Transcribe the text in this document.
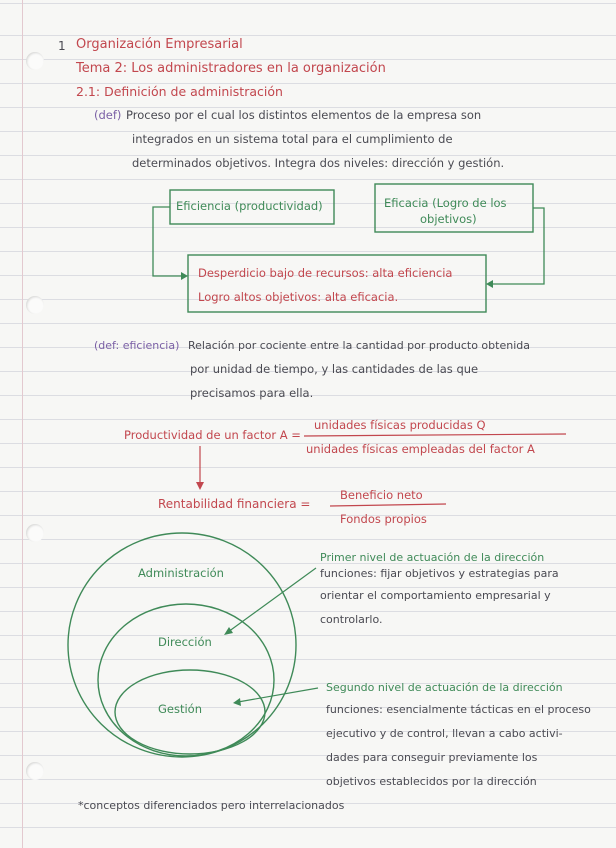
1 Organización Empresarial
Tema 2: Los administradores en la organización
2.1: Definición de administración
(def) Proceso por el cual los distintos elementos de la empresa son
integrados en un sistema total para el cumplimiento de
determinados objetivos. Integra dos niveles: dirección y gestión.
Eficiencia (productividad)	Eficacia (Logro de los
objetivos)
Desperdicio bajo de recursos: alta eficiencia
Logro altos objetivos: alta eficacia.
(def: eficiencia) Relación por cociente entre la cantidad por producto obtenida
por unidad de tiempo, y las cantidades de las que
precisamos para ella.
Productividad de un factor A =
unidades físicas producidas Q
unidades físicas empleadas del factor A
Rentabilidad financiera =
Beneficio neto
Fondos propios
Administración
Dirección
Gestión
Primer nivel de actuación de la dirección
funciones: fijar objetivos y estrategias para
orientar el comportamiento empresarial y
controlarlo.
Segundo nivel de actuación de la dirección
funciones: esencialmente tácticas en el proceso
ejecutivo y de control, llevan a cabo activi-
dades para conseguir previamente los
objetivos establecidos por la dirección
*conceptos diferenciados pero interrelacionados
